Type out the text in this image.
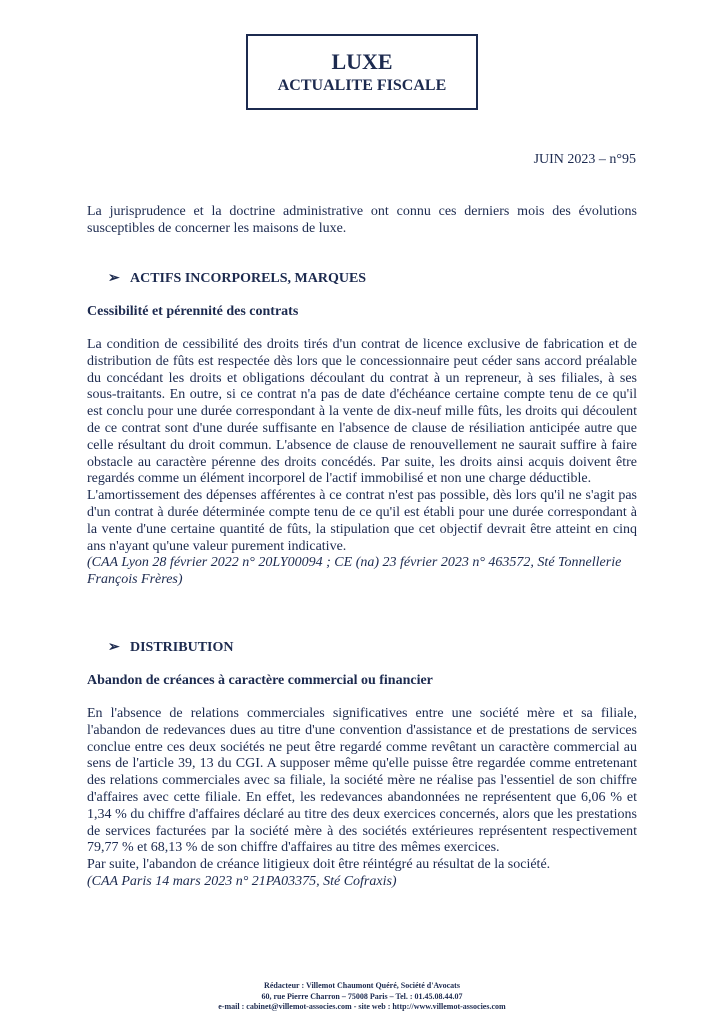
LUXE
ACTUALITE FISCALE
JUIN 2023 – n°95
La jurisprudence et la doctrine administrative ont connu ces derniers mois des évolutions susceptibles de concerner les maisons de luxe.
➢ ACTIFS INCORPORELS, MARQUES
Cessibilité et pérennité des contrats
La condition de cessibilité des droits tirés d'un contrat de licence exclusive de fabrication et de distribution de fûts est respectée dès lors que le concessionnaire peut céder sans accord préalable du concédant les droits et obligations découlant du contrat à un repreneur, à ses filiales, à ses sous-traitants. En outre, si ce contrat n'a pas de date d'échéance certaine compte tenu de ce qu'il est conclu pour une durée correspondant à la vente de dix-neuf mille fûts, les droits qui découlent de ce contrat sont d'une durée suffisante en l'absence de clause de résiliation anticipée autre que celle résultant du droit commun. L'absence de clause de renouvellement ne saurait suffire à faire obstacle au caractère pérenne des droits concédés. Par suite, les droits ainsi acquis doivent être regardés comme un élément incorporel de l'actif immobilisé et non une charge déductible.
L'amortissement des dépenses afférentes à ce contrat n'est pas possible, dès lors qu'il ne s'agit pas d'un contrat à durée déterminée compte tenu de ce qu'il est établi pour une durée correspondant à la vente d'une certaine quantité de fûts, la stipulation que cet objectif devrait être atteint en cinq ans n'ayant qu'une valeur purement indicative.
(CAA Lyon 28 février 2022 n° 20LY00094 ; CE (na) 23 février 2023 n° 463572, Sté Tonnellerie François Frères)
➢ DISTRIBUTION
Abandon de créances à caractère commercial ou financier
En l'absence de relations commerciales significatives entre une société mère et sa filiale, l'abandon de redevances dues au titre d'une convention d'assistance et de prestations de services conclue entre ces deux sociétés ne peut être regardé comme revêtant un caractère commercial au sens de l'article 39, 13 du CGI. A supposer même qu'elle puisse être regardée comme entretenant des relations commerciales avec sa filiale, la société mère ne réalise pas l'essentiel de son chiffre d'affaires avec cette filiale. En effet, les redevances abandonnées ne représentent que 6,06 % et 1,34 % du chiffre d'affaires déclaré au titre des deux exercices concernés, alors que les prestations de services facturées par la société mère à des sociétés extérieures représentent respectivement 79,77 % et 68,13 % de son chiffre d'affaires au titre des mêmes exercices.
Par suite, l'abandon de créance litigieux doit être réintégré au résultat de la société.
(CAA Paris 14 mars 2023 n° 21PA03375, Sté Cofraxis)
Rédacteur : Villemot Chaumont Quéré, Société d'Avocats
60, rue Pierre Charron – 75008 Paris – Tel. : 01.45.08.44.07
e-mail : cabinet@villemot-associes.com - site web : http://www.villemot-associes.com
